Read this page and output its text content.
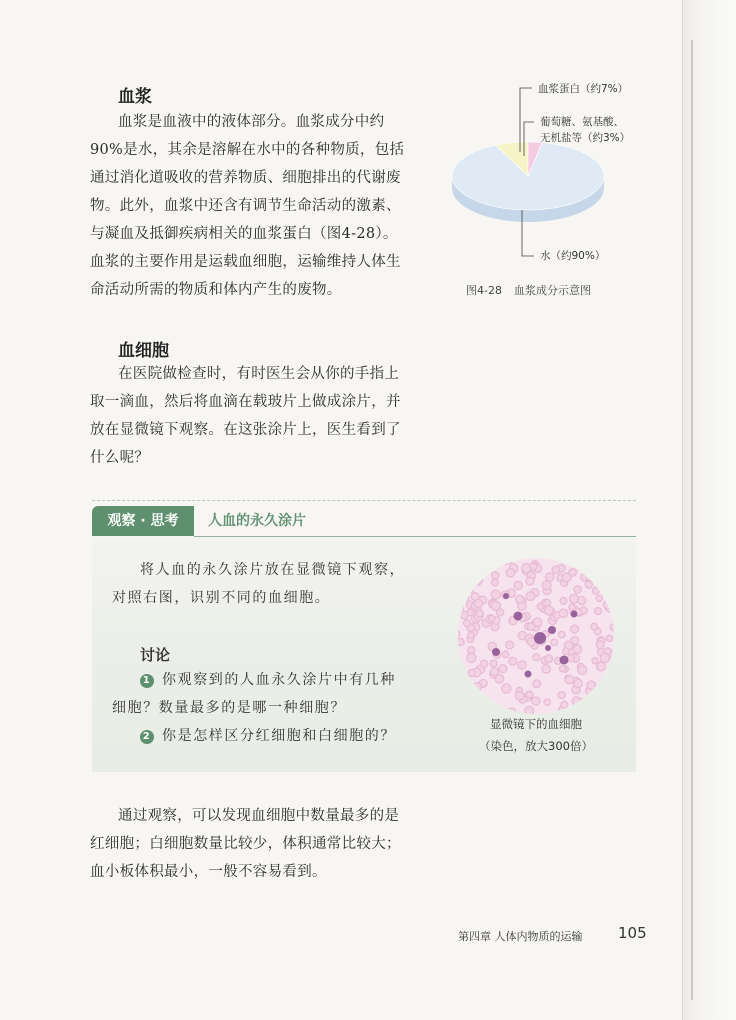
血浆
血浆是血液中的液体部分。血浆成分中约
90%是水，其余是溶解在水中的各种物质，包括
通过消化道吸收的营养物质、细胞排出的代谢废
物。此外，血浆中还含有调节生命活动的激素、
与凝血及抵御疾病相关的血浆蛋白（图4-28）。
血浆的主要作用是运载血细胞，运输维持人体生
命活动所需的物质和体内产生的废物。
血浆蛋白（约7%）
葡萄糖、氨基酸、
无机盐等（约3%）
水（约90%）
图4-28 血浆成分示意图
血细胞
在医院做检查时，有时医生会从你的手指上
取一滴血，然后将血滴在载玻片上做成涂片，并
放在显微镜下观察。在这张涂片上，医生看到了
什么呢？
观察 · 思考	人血的永久涂片
将人血的永久涂片放在显微镜下观察，
对照右图，识别不同的血细胞。
讨论
1 你观察到的人血永久涂片中有几种
细胞？数量最多的是哪一种细胞？
2 你是怎样区分红细胞和白细胞的？
显微镜下的血细胞
（染色，放大300倍）
通过观察，可以发现血细胞中数量最多的是
红细胞；白细胞数量比较少，体积通常比较大；
血小板体积最小，一般不容易看到。
第四章 人体内物质的运输 105
